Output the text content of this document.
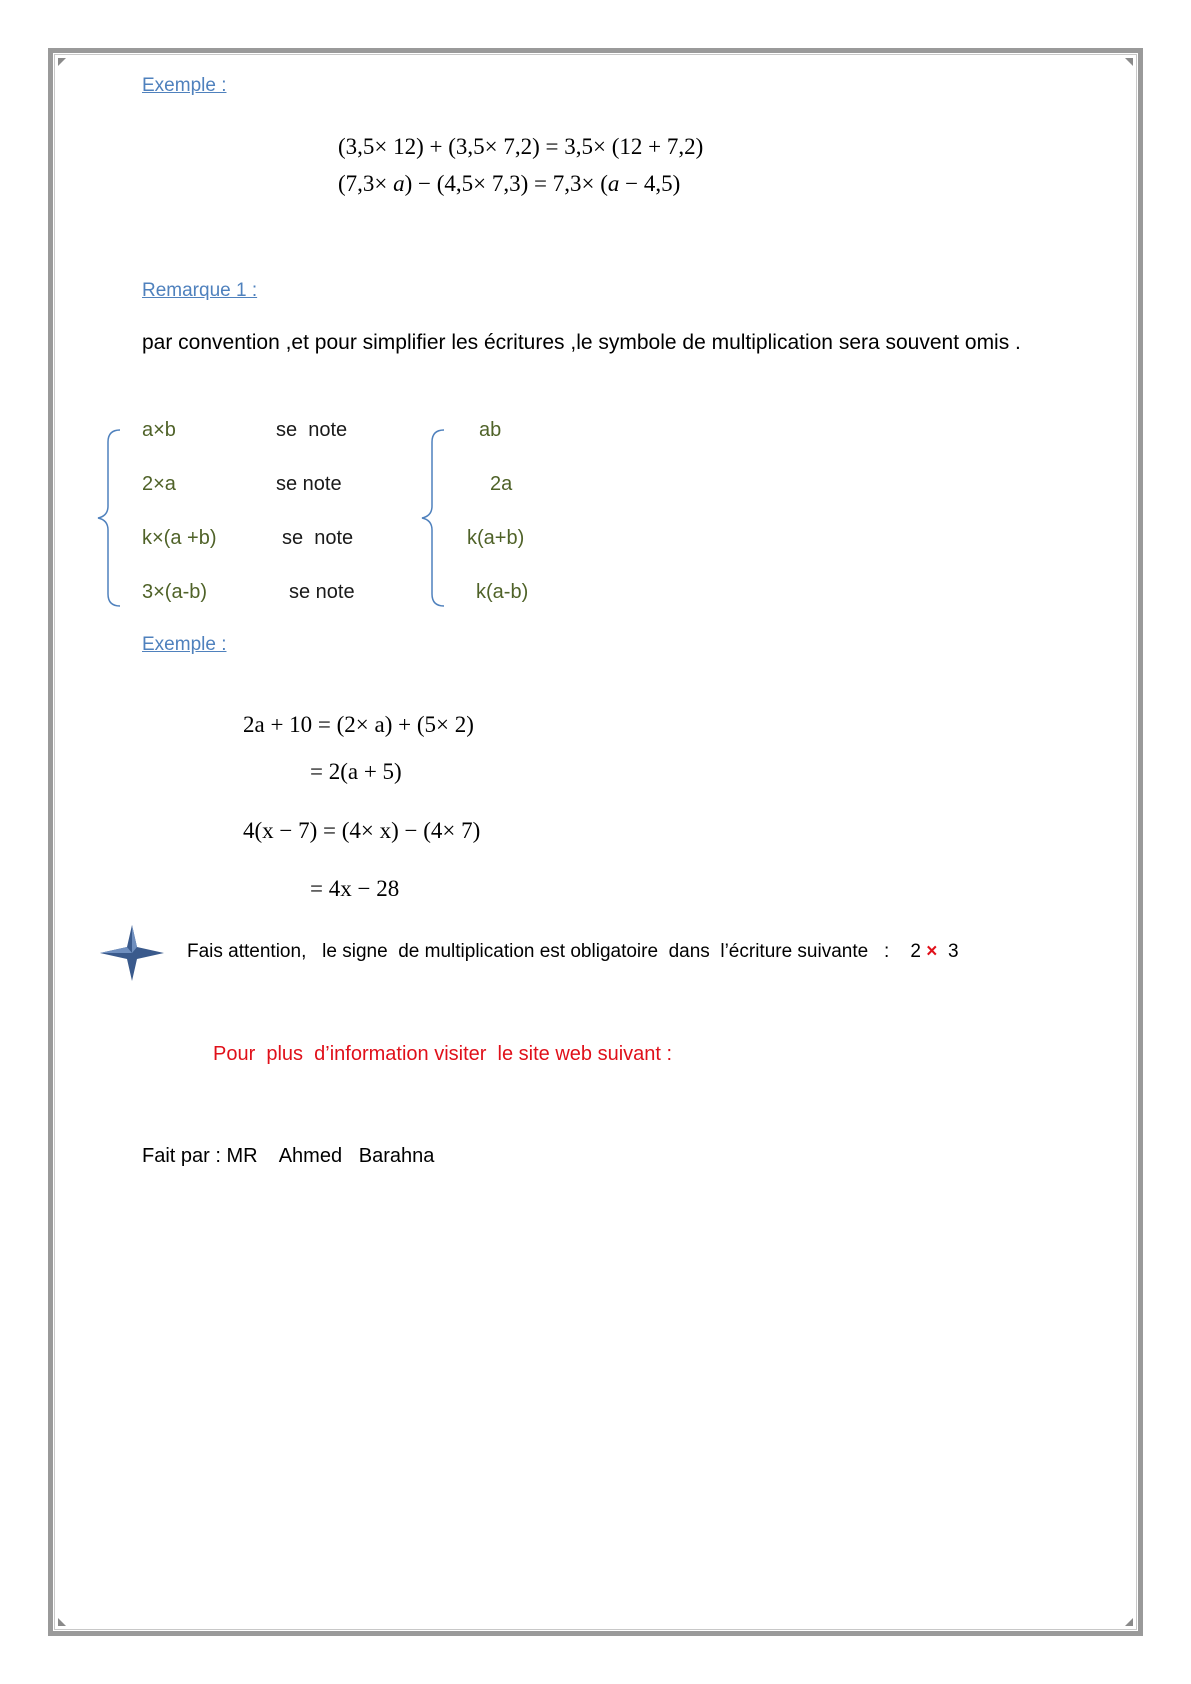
Exemple :
(3,5× 12) + (3,5× 7,2) = 3,5× (12 + 7,2)
(7,3× a) − (4,5× 7,3) = 7,3× (a − 4,5)
Remarque 1 :
par convention ,et pour simplifier les écritures ,le symbole de multiplication sera souvent omis .
a×b	se  note	ab
2×a	se note	2a
k×(a +b)	se  note	k(a+b)
3×(a-b)	se note	k(a-b)
Exemple :
2a + 10 = (2× a) + (5× 2)
= 2(a + 5)
4(x − 7) = (4× x) − (4× 7)
= 4x − 28
Fais attention,   le signe  de multiplication est obligatoire  dans  l’écriture suivante   :    2 ×  3
Pour  plus  d’information visiter  le site web suivant :
Fait par : MR    Ahmed   Barahna
